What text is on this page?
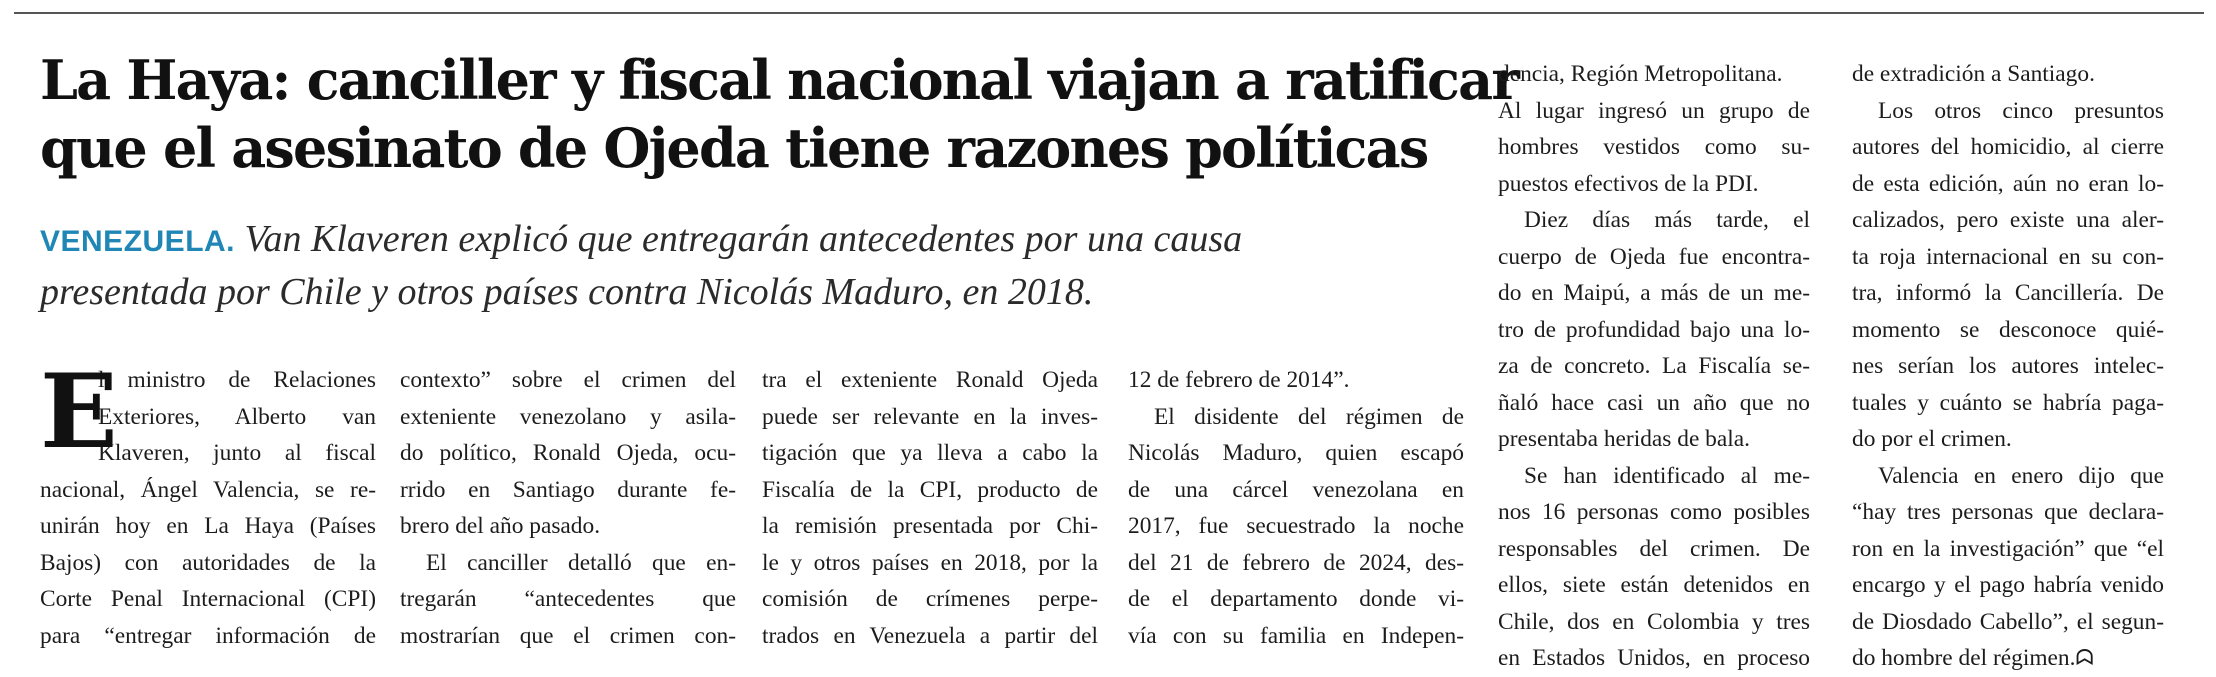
La Haya: canciller y fiscal nacional viajan a ratificar
que el asesinato de Ojeda tiene razones políticas
VENEZUELA. Van Klaveren explicó que entregarán antecedentes por una causa
presentada por Chile y otros países contra Nicolás Maduro, en 2018.
E
l ministro de Relaciones
Exteriores, Alberto van
Klaveren, junto al fiscal
nacional, Ángel Valencia, se re-
unirán hoy en La Haya (Países
Bajos) con autoridades de la
Corte Penal Internacional (CPI)
para “entregar información de
contexto” sobre el crimen del
exteniente venezolano y asila-
do político, Ronald Ojeda, ocu-
rrido en Santiago durante fe-
brero del año pasado.
El canciller detalló que en-
tregarán “antecedentes que
mostrarían que el crimen con-
tra el exteniente Ronald Ojeda
puede ser relevante en la inves-
tigación que ya lleva a cabo la
Fiscalía de la CPI, producto de
la remisión presentada por Chi-
le y otros países en 2018, por la
comisión de crímenes perpe-
trados en Venezuela a partir del
12 de febrero de 2014”.
El disidente del régimen de
Nicolás Maduro, quien escapó
de una cárcel venezolana en
2017, fue secuestrado la noche
del 21 de febrero de 2024, des-
de el departamento donde vi-
vía con su familia en Indepen-
dencia, Región Metropolitana.
Al lugar ingresó un grupo de
hombres vestidos como su-
puestos efectivos de la PDI.
Diez días más tarde, el
cuerpo de Ojeda fue encontra-
do en Maipú, a más de un me-
tro de profundidad bajo una lo-
za de concreto. La Fiscalía se-
ñaló hace casi un año que no
presentaba heridas de bala.
Se han identificado al me-
nos 16 personas como posibles
responsables del crimen. De
ellos, siete están detenidos en
Chile, dos en Colombia y tres
en Estados Unidos, en proceso
de extradición a Santiago.
Los otros cinco presuntos
autores del homicidio, al cierre
de esta edición, aún no eran lo-
calizados, pero existe una aler-
ta roja internacional en su con-
tra, informó la Cancillería. De
momento se desconoce quié-
nes serían los autores intelec-
tuales y cuánto se habría paga-
do por el crimen.
Valencia en enero dijo que
“hay tres personas que declara-
ron en la investigación” que “el
encargo y el pago habría venido
de Diosdado Cabello”, el segun-
do hombre del régimen.ᗣ
